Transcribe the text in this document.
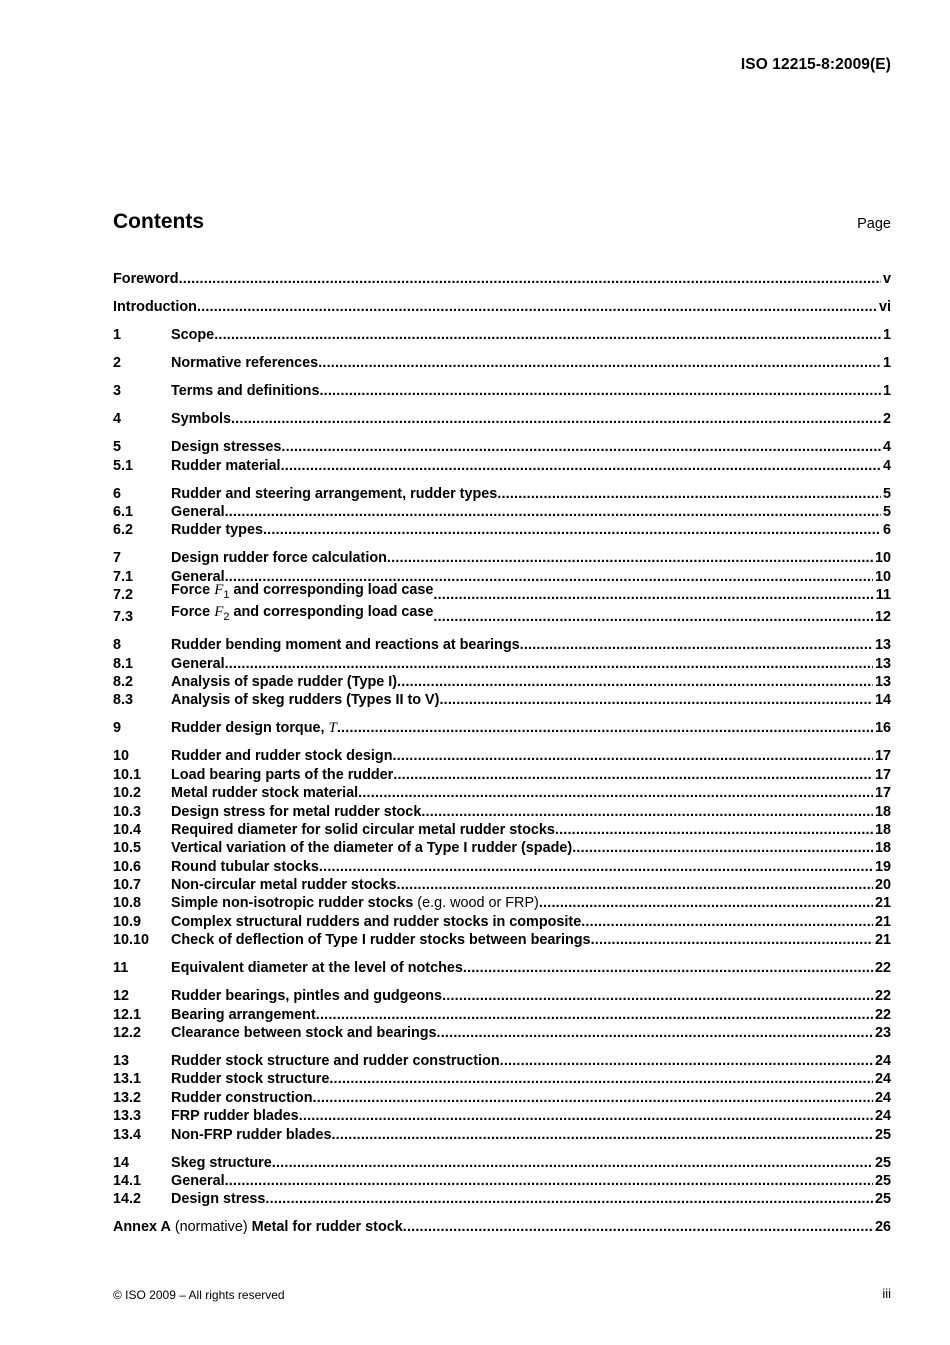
ISO 12215-8:2009(E)
Contents	Page
Foreword .....	v
Introduction .....	vi
1	Scope .....	1
2	Normative references .....	1
3	Terms and definitions .....	1
4	Symbols .....	2
5	Design stresses .....	4
5.1	Rudder material .....	4
6	Rudder and steering arrangement, rudder types .....	5
6.1	General .....	5
6.2	Rudder types .....	6
7	Design rudder force calculation .....	10
7.1	General .....	10
7.2	Force $F_1$ and corresponding load case .....	11
7.3	Force $F_2$ and corresponding load case .....	12
8	Rudder bending moment and reactions at bearings .....	13
8.1	General .....	13
8.2	Analysis of spade rudder (Type I) .....	13
8.3	Analysis of skeg rudders (Types II to V) .....	14
9	Rudder design torque, T .....	16
10	Rudder and rudder stock design .....	17
10.1	Load bearing parts of the rudder .....	17
10.2	Metal rudder stock material .....	17
10.3	Design stress for metal rudder stock .....	18
10.4	Required diameter for solid circular metal rudder stocks .....	18
10.5	Vertical variation of the diameter of a Type I rudder (spade) .....	18
10.6	Round tubular stocks .....	19
10.7	Non-circular metal rudder stocks .....	20
10.8	Simple non-isotropic rudder stocks (e.g. wood or FRP) .....	21
10.9	Complex structural rudders and rudder stocks in composite .....	21
10.10	Check of deflection of Type I rudder stocks between bearings .....	21
11	Equivalent diameter at the level of notches .....	22
12	Rudder bearings, pintles and gudgeons .....	22
12.1	Bearing arrangement .....	22
12.2	Clearance between stock and bearings .....	23
13	Rudder stock structure and rudder construction .....	24
13.1	Rudder stock structure .....	24
13.2	Rudder construction .....	24
13.3	FRP rudder blades .....	24
13.4	Non-FRP rudder blades .....	25
14	Skeg structure .....	25
14.1	General .....	25
14.2	Design stress .....	25
Annex A (normative) Metal for rudder stock .....	26
© ISO 2009 – All rights reserved	iii
